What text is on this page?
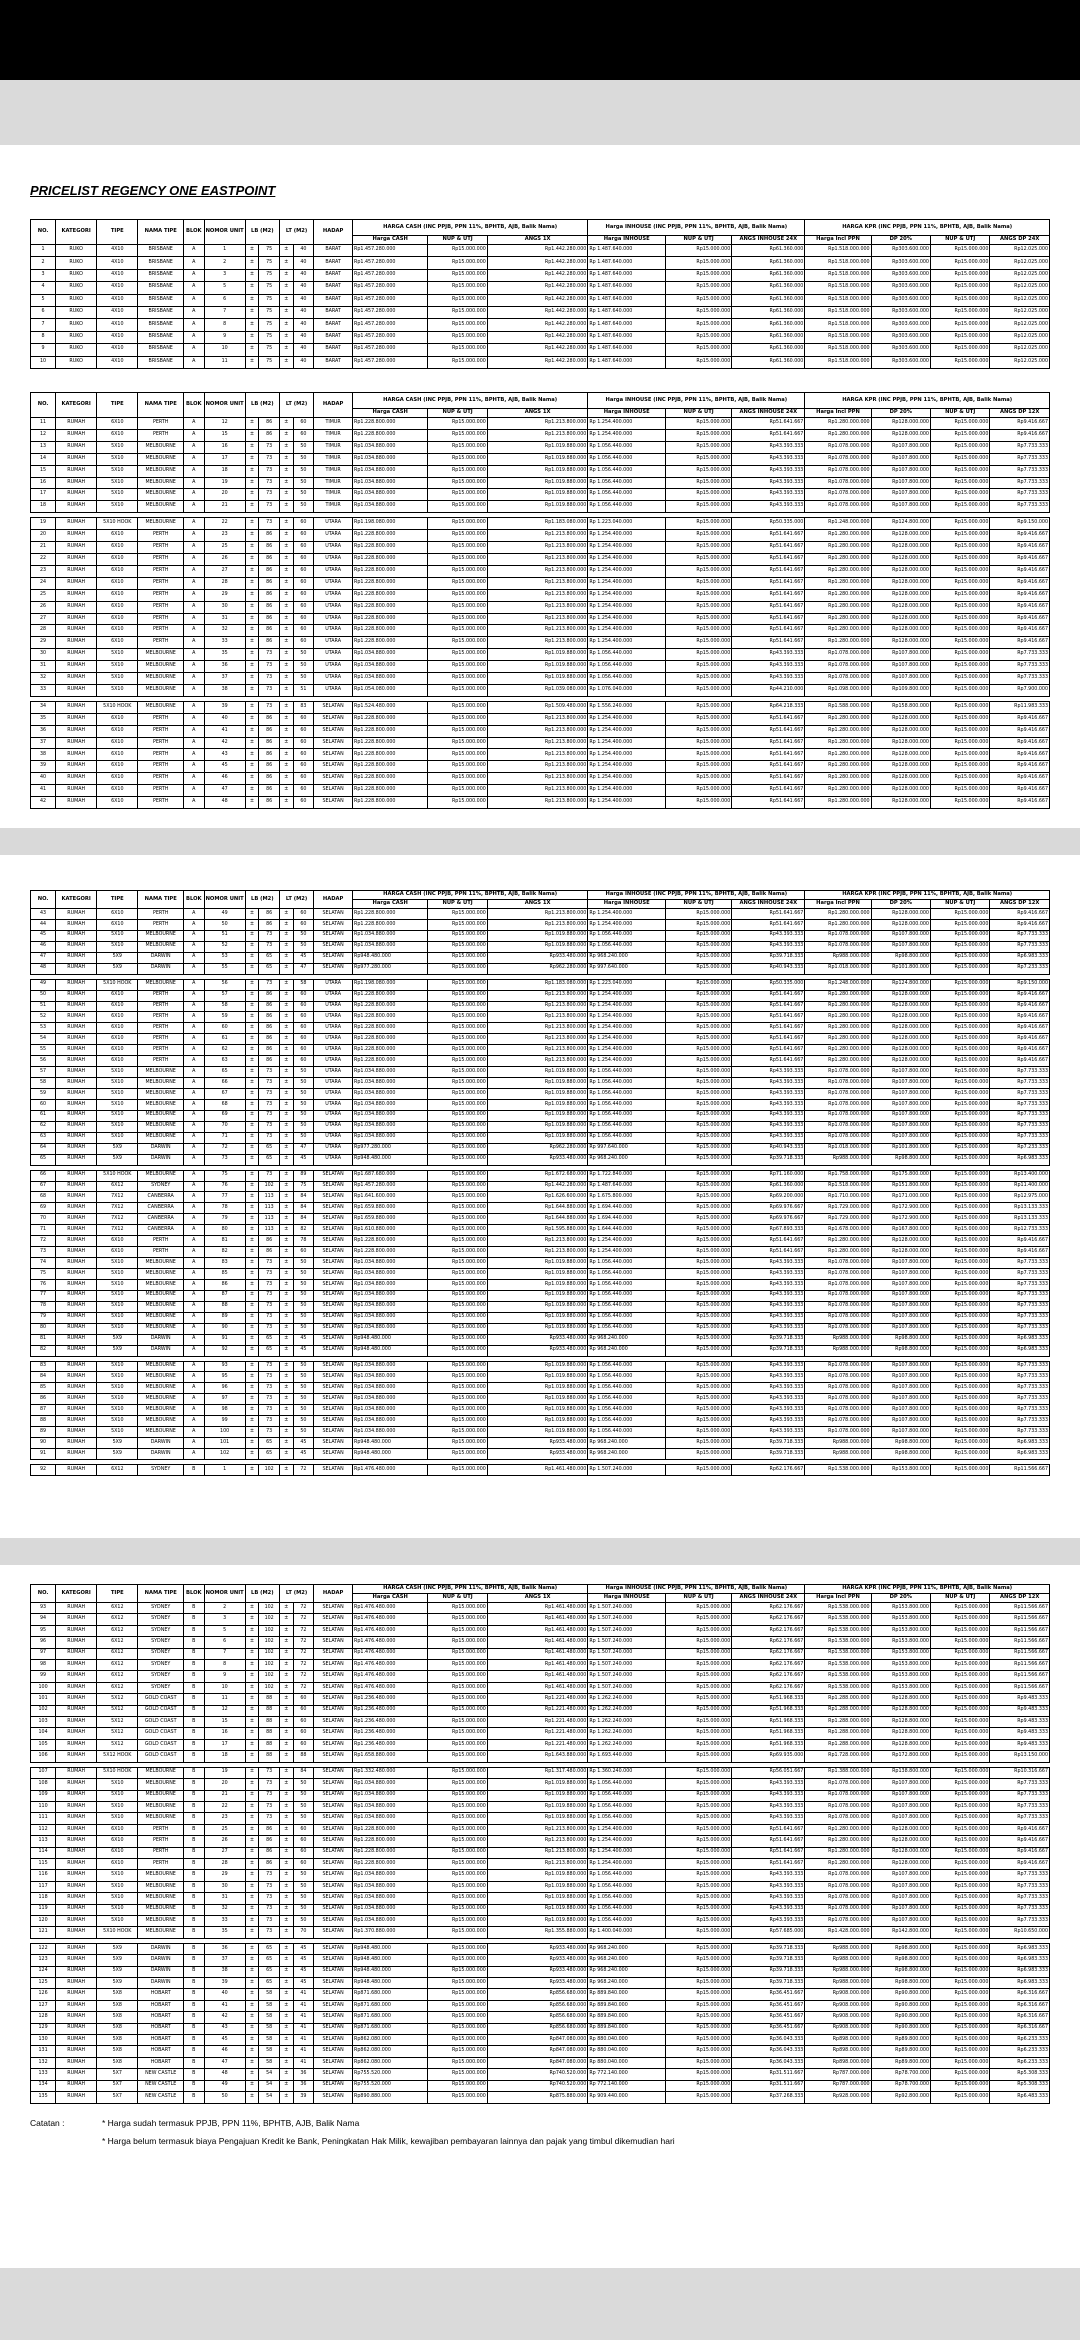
PRICELIST REGENCY ONE EASTPOINT
NO.	KATEGORI	TIPE	NAMA TIPE	BLOK	NOMOR UNIT	LB (M2)		LT (M2)		HADAP	HARGA CASH (INC PPJB, PPN 11%, BPHTB, AJB, Balik Nama)			Harga INHOUSE (INC PPJB, PPN 11%, BPHTB, AJB, Balik Nama)			HARGA KPR (INC PPJB, PPN 11%, BPHTB, AJB, Balik Nama)			
											Harga CASH	NUP & UTJ	ANGS 1X	Harga INHOUSE	NUP & UTJ	ANGS INHOUSE 24X	Harga Incl PPN	DP 20%	NUP & UTJ	ANGS DP 24X
1	RUKO	4X10	BRISBANE	A	1	±	75	±	40	BARAT	Rp1.457.280.000	Rp15.000.000	Rp1.442.280.000	Rp 1.487.640.000	Rp15.000.000	Rp61.360.000	Rp1.518.000.000	Rp303.600.000	Rp15.000.000	Rp12.025.000
2	RUKO	4X10	BRISBANE	A	2	±	75	±	40	BARAT	Rp1.457.280.000	Rp15.000.000	Rp1.442.280.000	Rp 1.487.640.000	Rp15.000.000	Rp61.360.000	Rp1.518.000.000	Rp303.600.000	Rp15.000.000	Rp12.025.000
3	RUKO	4X10	BRISBANE	A	3	±	75	±	40	BARAT	Rp1.457.280.000	Rp15.000.000	Rp1.442.280.000	Rp 1.487.640.000	Rp15.000.000	Rp61.360.000	Rp1.518.000.000	Rp303.600.000	Rp15.000.000	Rp12.025.000
4	RUKO	4X10	BRISBANE	A	5	±	75	±	40	BARAT	Rp1.457.280.000	Rp15.000.000	Rp1.442.280.000	Rp 1.487.640.000	Rp15.000.000	Rp61.360.000	Rp1.518.000.000	Rp303.600.000	Rp15.000.000	Rp12.025.000
5	RUKO	4X10	BRISBANE	A	6	±	75	±	40	BARAT	Rp1.457.280.000	Rp15.000.000	Rp1.442.280.000	Rp 1.487.640.000	Rp15.000.000	Rp61.360.000	Rp1.518.000.000	Rp303.600.000	Rp15.000.000	Rp12.025.000
6	RUKO	4X10	BRISBANE	A	7	±	75	±	40	BARAT	Rp1.457.280.000	Rp15.000.000	Rp1.442.280.000	Rp 1.487.640.000	Rp15.000.000	Rp61.360.000	Rp1.518.000.000	Rp303.600.000	Rp15.000.000	Rp12.025.000
7	RUKO	4X10	BRISBANE	A	8	±	75	±	40	BARAT	Rp1.457.280.000	Rp15.000.000	Rp1.442.280.000	Rp 1.487.640.000	Rp15.000.000	Rp61.360.000	Rp1.518.000.000	Rp303.600.000	Rp15.000.000	Rp12.025.000
8	RUKO	4X10	BRISBANE	A	9	±	75	±	40	BARAT	Rp1.457.280.000	Rp15.000.000	Rp1.442.280.000	Rp 1.487.640.000	Rp15.000.000	Rp61.360.000	Rp1.518.000.000	Rp303.600.000	Rp15.000.000	Rp12.025.000
9	RUKO	4X10	BRISBANE	A	10	±	75	±	40	BARAT	Rp1.457.280.000	Rp15.000.000	Rp1.442.280.000	Rp 1.487.640.000	Rp15.000.000	Rp61.360.000	Rp1.518.000.000	Rp303.600.000	Rp15.000.000	Rp12.025.000
10	RUKO	4X10	BRISBANE	A	11	±	75	±	40	BARAT	Rp1.457.280.000	Rp15.000.000	Rp1.442.280.000	Rp 1.487.640.000	Rp15.000.000	Rp61.360.000	Rp1.518.000.000	Rp303.600.000	Rp15.000.000	Rp12.025.000
NO.	KATEGORI	TIPE	NAMA TIPE	BLOK	NOMOR UNIT	LB (M2)		LT (M2)		HADAP	HARGA CASH (INC PPJB, PPN 11%, BPHTB, AJB, Balik Nama)			Harga INHOUSE (INC PPJB, PPN 11%, BPHTB, AJB, Balik Nama)			HARGA KPR (INC PPJB, PPN 11%, BPHTB, AJB, Balik Nama)			
											Harga CASH	NUP & UTJ	ANGS 1X	Harga INHOUSE	NUP & UTJ	ANGS INHOUSE 24X	Harga Incl PPN	DP 20%	NUP & UTJ	ANGS DP 12X
11	RUMAH	6X10	PERTH	A	12	±	86	±	60	TIMUR	Rp1.228.800.000	Rp15.000.000	Rp1.213.800.000	Rp 1.254.400.000	Rp15.000.000	Rp51.641.667	Rp1.280.000.000	Rp128.000.000	Rp15.000.000	Rp9.416.667
12	RUMAH	6X10	PERTH	A	15	±	86	±	60	TIMUR	Rp1.228.800.000	Rp15.000.000	Rp1.213.800.000	Rp 1.254.400.000	Rp15.000.000	Rp51.641.667	Rp1.280.000.000	Rp128.000.000	Rp15.000.000	Rp9.416.667
13	RUMAH	5X10	MELBOURNE	A	16	±	73	±	50	TIMUR	Rp1.034.880.000	Rp15.000.000	Rp1.019.880.000	Rp 1.056.440.000	Rp15.000.000	Rp43.393.333	Rp1.078.000.000	Rp107.800.000	Rp15.000.000	Rp7.733.333
14	RUMAH	5X10	MELBOURNE	A	17	±	73	±	50	TIMUR	Rp1.034.880.000	Rp15.000.000	Rp1.019.880.000	Rp 1.056.440.000	Rp15.000.000	Rp43.393.333	Rp1.078.000.000	Rp107.800.000	Rp15.000.000	Rp7.733.333
15	RUMAH	5X10	MELBOURNE	A	18	±	73	±	50	TIMUR	Rp1.034.880.000	Rp15.000.000	Rp1.019.880.000	Rp 1.056.440.000	Rp15.000.000	Rp43.393.333	Rp1.078.000.000	Rp107.800.000	Rp15.000.000	Rp7.733.333
16	RUMAH	5X10	MELBOURNE	A	19	±	73	±	50	TIMUR	Rp1.034.880.000	Rp15.000.000	Rp1.019.880.000	Rp 1.056.440.000	Rp15.000.000	Rp43.393.333	Rp1.078.000.000	Rp107.800.000	Rp15.000.000	Rp7.733.333
17	RUMAH	5X10	MELBOURNE	A	20	±	73	±	50	TIMUR	Rp1.034.880.000	Rp15.000.000	Rp1.019.880.000	Rp 1.056.440.000	Rp15.000.000	Rp43.393.333	Rp1.078.000.000	Rp107.800.000	Rp15.000.000	Rp7.733.333
18	RUMAH	5X10	MELBOURNE	A	21	±	73	±	50	TIMUR	Rp1.034.880.000	Rp15.000.000	Rp1.019.880.000	Rp 1.056.440.000	Rp15.000.000	Rp43.393.333	Rp1.078.000.000	Rp107.800.000	Rp15.000.000	Rp7.733.333

19	RUMAH	5X10 HOOK	MELBOURNE	A	22	±	73	±	60	UTARA	Rp1.198.080.000	Rp15.000.000	Rp1.183.080.000	Rp 1.223.040.000	Rp15.000.000	Rp50.335.000	Rp1.248.000.000	Rp124.800.000	Rp15.000.000	Rp9.150.000
20	RUMAH	6X10	PERTH	A	23	±	86	±	60	UTARA	Rp1.228.800.000	Rp15.000.000	Rp1.213.800.000	Rp 1.254.400.000	Rp15.000.000	Rp51.641.667	Rp1.280.000.000	Rp128.000.000	Rp15.000.000	Rp9.416.667
21	RUMAH	6X10	PERTH	A	25	±	86	±	60	UTARA	Rp1.228.800.000	Rp15.000.000	Rp1.213.800.000	Rp 1.254.400.000	Rp15.000.000	Rp51.641.667	Rp1.280.000.000	Rp128.000.000	Rp15.000.000	Rp9.416.667
22	RUMAH	6X10	PERTH	A	26	±	86	±	60	UTARA	Rp1.228.800.000	Rp15.000.000	Rp1.213.800.000	Rp 1.254.400.000	Rp15.000.000	Rp51.641.667	Rp1.280.000.000	Rp128.000.000	Rp15.000.000	Rp9.416.667
23	RUMAH	6X10	PERTH	A	27	±	86	±	60	UTARA	Rp1.228.800.000	Rp15.000.000	Rp1.213.800.000	Rp 1.254.400.000	Rp15.000.000	Rp51.641.667	Rp1.280.000.000	Rp128.000.000	Rp15.000.000	Rp9.416.667
24	RUMAH	6X10	PERTH	A	28	±	86	±	60	UTARA	Rp1.228.800.000	Rp15.000.000	Rp1.213.800.000	Rp 1.254.400.000	Rp15.000.000	Rp51.641.667	Rp1.280.000.000	Rp128.000.000	Rp15.000.000	Rp9.416.667
25	RUMAH	6X10	PERTH	A	29	±	86	±	60	UTARA	Rp1.228.800.000	Rp15.000.000	Rp1.213.800.000	Rp 1.254.400.000	Rp15.000.000	Rp51.641.667	Rp1.280.000.000	Rp128.000.000	Rp15.000.000	Rp9.416.667
26	RUMAH	6X10	PERTH	A	30	±	86	±	60	UTARA	Rp1.228.800.000	Rp15.000.000	Rp1.213.800.000	Rp 1.254.400.000	Rp15.000.000	Rp51.641.667	Rp1.280.000.000	Rp128.000.000	Rp15.000.000	Rp9.416.667
27	RUMAH	6X10	PERTH	A	31	±	86	±	60	UTARA	Rp1.228.800.000	Rp15.000.000	Rp1.213.800.000	Rp 1.254.400.000	Rp15.000.000	Rp51.641.667	Rp1.280.000.000	Rp128.000.000	Rp15.000.000	Rp9.416.667
28	RUMAH	6X10	PERTH	A	32	±	86	±	60	UTARA	Rp1.228.800.000	Rp15.000.000	Rp1.213.800.000	Rp 1.254.400.000	Rp15.000.000	Rp51.641.667	Rp1.280.000.000	Rp128.000.000	Rp15.000.000	Rp9.416.667
29	RUMAH	6X10	PERTH	A	33	±	86	±	60	UTARA	Rp1.228.800.000	Rp15.000.000	Rp1.213.800.000	Rp 1.254.400.000	Rp15.000.000	Rp51.641.667	Rp1.280.000.000	Rp128.000.000	Rp15.000.000	Rp9.416.667
30	RUMAH	5X10	MELBOURNE	A	35	±	73	±	50	UTARA	Rp1.034.880.000	Rp15.000.000	Rp1.019.880.000	Rp 1.056.440.000	Rp15.000.000	Rp43.393.333	Rp1.078.000.000	Rp107.800.000	Rp15.000.000	Rp7.733.333
31	RUMAH	5X10	MELBOURNE	A	36	±	73	±	50	UTARA	Rp1.034.880.000	Rp15.000.000	Rp1.019.880.000	Rp 1.056.440.000	Rp15.000.000	Rp43.393.333	Rp1.078.000.000	Rp107.800.000	Rp15.000.000	Rp7.733.333
32	RUMAH	5X10	MELBOURNE	A	37	±	73	±	50	UTARA	Rp1.034.880.000	Rp15.000.000	Rp1.019.880.000	Rp 1.056.440.000	Rp15.000.000	Rp43.393.333	Rp1.078.000.000	Rp107.800.000	Rp15.000.000	Rp7.733.333
33	RUMAH	5X10	MELBOURNE	A	38	±	73	±	51	UTARA	Rp1.054.080.000	Rp15.000.000	Rp1.039.080.000	Rp 1.076.040.000	Rp15.000.000	Rp44.210.000	Rp1.098.000.000	Rp109.800.000	Rp15.000.000	Rp7.900.000

34	RUMAH	5X10 HOOK	MELBOURNE	A	39	±	73	±	83	SELATAN	Rp1.524.480.000	Rp15.000.000	Rp1.509.480.000	Rp 1.556.240.000	Rp15.000.000	Rp64.218.333	Rp1.588.000.000	Rp158.800.000	Rp15.000.000	Rp11.983.333
35	RUMAH	6X10	PERTH	A	40	±	86	±	60	SELATAN	Rp1.228.800.000	Rp15.000.000	Rp1.213.800.000	Rp 1.254.400.000	Rp15.000.000	Rp51.641.667	Rp1.280.000.000	Rp128.000.000	Rp15.000.000	Rp9.416.667
36	RUMAH	6X10	PERTH	A	41	±	86	±	60	SELATAN	Rp1.228.800.000	Rp15.000.000	Rp1.213.800.000	Rp 1.254.400.000	Rp15.000.000	Rp51.641.667	Rp1.280.000.000	Rp128.000.000	Rp15.000.000	Rp9.416.667
37	RUMAH	6X10	PERTH	A	42	±	86	±	60	SELATAN	Rp1.228.800.000	Rp15.000.000	Rp1.213.800.000	Rp 1.254.400.000	Rp15.000.000	Rp51.641.667	Rp1.280.000.000	Rp128.000.000	Rp15.000.000	Rp9.416.667
38	RUMAH	6X10	PERTH	A	43	±	86	±	60	SELATAN	Rp1.228.800.000	Rp15.000.000	Rp1.213.800.000	Rp 1.254.400.000	Rp15.000.000	Rp51.641.667	Rp1.280.000.000	Rp128.000.000	Rp15.000.000	Rp9.416.667
39	RUMAH	6X10	PERTH	A	45	±	86	±	60	SELATAN	Rp1.228.800.000	Rp15.000.000	Rp1.213.800.000	Rp 1.254.400.000	Rp15.000.000	Rp51.641.667	Rp1.280.000.000	Rp128.000.000	Rp15.000.000	Rp9.416.667
40	RUMAH	6X10	PERTH	A	46	±	86	±	60	SELATAN	Rp1.228.800.000	Rp15.000.000	Rp1.213.800.000	Rp 1.254.400.000	Rp15.000.000	Rp51.641.667	Rp1.280.000.000	Rp128.000.000	Rp15.000.000	Rp9.416.667
41	RUMAH	6X10	PERTH	A	47	±	86	±	60	SELATAN	Rp1.228.800.000	Rp15.000.000	Rp1.213.800.000	Rp 1.254.400.000	Rp15.000.000	Rp51.641.667	Rp1.280.000.000	Rp128.000.000	Rp15.000.000	Rp9.416.667
42	RUMAH	6X10	PERTH	A	48	±	86	±	60	SELATAN	Rp1.228.800.000	Rp15.000.000	Rp1.213.800.000	Rp 1.254.400.000	Rp15.000.000	Rp51.641.667	Rp1.280.000.000	Rp128.000.000	Rp15.000.000	Rp9.416.667
NO.	KATEGORI	TIPE	NAMA TIPE	BLOK	NOMOR UNIT	LB (M2)		LT (M2)		HADAP	HARGA CASH (INC PPJB, PPN 11%, BPHTB, AJB, Balik Nama)			Harga INHOUSE (INC PPJB, PPN 11%, BPHTB, AJB, Balik Nama)			HARGA KPR (INC PPJB, PPN 11%, BPHTB, AJB, Balik Nama)			
											Harga CASH	NUP & UTJ	ANGS 1X	Harga INHOUSE	NUP & UTJ	ANGS INHOUSE 24X	Harga Incl PPN	DP 20%	NUP & UTJ	ANGS DP 12X
43	RUMAH	6X10	PERTH	A	49	±	86	±	60	SELATAN	Rp1.228.800.000	Rp15.000.000	Rp1.213.800.000	Rp 1.254.400.000	Rp15.000.000	Rp51.641.667	Rp1.280.000.000	Rp128.000.000	Rp15.000.000	Rp9.416.667
44	RUMAH	6X10	PERTH	A	50	±	86	±	60	SELATAN	Rp1.228.800.000	Rp15.000.000	Rp1.213.800.000	Rp 1.254.400.000	Rp15.000.000	Rp51.641.667	Rp1.280.000.000	Rp128.000.000	Rp15.000.000	Rp9.416.667
45	RUMAH	5X10	MELBOURNE	A	51	±	73	±	50	SELATAN	Rp1.034.880.000	Rp15.000.000	Rp1.019.880.000	Rp 1.056.440.000	Rp15.000.000	Rp43.393.333	Rp1.078.000.000	Rp107.800.000	Rp15.000.000	Rp7.733.333
46	RUMAH	5X10	MELBOURNE	A	52	±	73	±	50	SELATAN	Rp1.034.880.000	Rp15.000.000	Rp1.019.880.000	Rp 1.056.440.000	Rp15.000.000	Rp43.393.333	Rp1.078.000.000	Rp107.800.000	Rp15.000.000	Rp7.733.333
47	RUMAH	5X9	DARWIN	A	53	±	65	±	45	SELATAN	Rp948.480.000	Rp15.000.000	Rp933.480.000	Rp 968.240.000	Rp15.000.000	Rp39.718.333	Rp988.000.000	Rp98.800.000	Rp15.000.000	Rp6.983.333
48	RUMAH	5X9	DARWIN	A	55	±	65	±	47	SELATAN	Rp977.280.000	Rp15.000.000	Rp962.280.000	Rp 997.640.000	Rp15.000.000	Rp40.943.333	Rp1.018.000.000	Rp101.800.000	Rp15.000.000	Rp7.233.333

49	RUMAH	5X10 HOOK	MELBOURNE	A	56	±	73	±	58	UTARA	Rp1.198.080.000	Rp15.000.000	Rp1.183.080.000	Rp 1.223.040.000	Rp15.000.000	Rp50.335.000	Rp1.248.000.000	Rp124.800.000	Rp15.000.000	Rp9.150.000
50	RUMAH	6X10	PERTH	A	57	±	86	±	60	UTARA	Rp1.228.800.000	Rp15.000.000	Rp1.213.800.000	Rp 1.254.400.000	Rp15.000.000	Rp51.641.667	Rp1.280.000.000	Rp128.000.000	Rp15.000.000	Rp9.416.667
51	RUMAH	6X10	PERTH	A	58	±	86	±	60	UTARA	Rp1.228.800.000	Rp15.000.000	Rp1.213.800.000	Rp 1.254.400.000	Rp15.000.000	Rp51.641.667	Rp1.280.000.000	Rp128.000.000	Rp15.000.000	Rp9.416.667
52	RUMAH	6X10	PERTH	A	59	±	86	±	60	UTARA	Rp1.228.800.000	Rp15.000.000	Rp1.213.800.000	Rp 1.254.400.000	Rp15.000.000	Rp51.641.667	Rp1.280.000.000	Rp128.000.000	Rp15.000.000	Rp9.416.667
53	RUMAH	6X10	PERTH	A	60	±	86	±	60	UTARA	Rp1.228.800.000	Rp15.000.000	Rp1.213.800.000	Rp 1.254.400.000	Rp15.000.000	Rp51.641.667	Rp1.280.000.000	Rp128.000.000	Rp15.000.000	Rp9.416.667
54	RUMAH	6X10	PERTH	A	61	±	86	±	60	UTARA	Rp1.228.800.000	Rp15.000.000	Rp1.213.800.000	Rp 1.254.400.000	Rp15.000.000	Rp51.641.667	Rp1.280.000.000	Rp128.000.000	Rp15.000.000	Rp9.416.667
55	RUMAH	6X10	PERTH	A	62	±	86	±	60	UTARA	Rp1.228.800.000	Rp15.000.000	Rp1.213.800.000	Rp 1.254.400.000	Rp15.000.000	Rp51.641.667	Rp1.280.000.000	Rp128.000.000	Rp15.000.000	Rp9.416.667
56	RUMAH	6X10	PERTH	A	63	±	86	±	60	UTARA	Rp1.228.800.000	Rp15.000.000	Rp1.213.800.000	Rp 1.254.400.000	Rp15.000.000	Rp51.641.667	Rp1.280.000.000	Rp128.000.000	Rp15.000.000	Rp9.416.667
57	RUMAH	5X10	MELBOURNE	A	65	±	73	±	50	UTARA	Rp1.034.880.000	Rp15.000.000	Rp1.019.880.000	Rp 1.056.440.000	Rp15.000.000	Rp43.393.333	Rp1.078.000.000	Rp107.800.000	Rp15.000.000	Rp7.733.333
58	RUMAH	5X10	MELBOURNE	A	66	±	73	±	50	UTARA	Rp1.034.880.000	Rp15.000.000	Rp1.019.880.000	Rp 1.056.440.000	Rp15.000.000	Rp43.393.333	Rp1.078.000.000	Rp107.800.000	Rp15.000.000	Rp7.733.333
59	RUMAH	5X10	MELBOURNE	A	67	±	73	±	50	UTARA	Rp1.034.880.000	Rp15.000.000	Rp1.019.880.000	Rp 1.056.440.000	Rp15.000.000	Rp43.393.333	Rp1.078.000.000	Rp107.800.000	Rp15.000.000	Rp7.733.333
60	RUMAH	5X10	MELBOURNE	A	68	±	73	±	50	UTARA	Rp1.034.880.000	Rp15.000.000	Rp1.019.880.000	Rp 1.056.440.000	Rp15.000.000	Rp43.393.333	Rp1.078.000.000	Rp107.800.000	Rp15.000.000	Rp7.733.333
61	RUMAH	5X10	MELBOURNE	A	69	±	73	±	50	UTARA	Rp1.034.880.000	Rp15.000.000	Rp1.019.880.000	Rp 1.056.440.000	Rp15.000.000	Rp43.393.333	Rp1.078.000.000	Rp107.800.000	Rp15.000.000	Rp7.733.333
62	RUMAH	5X10	MELBOURNE	A	70	±	73	±	50	UTARA	Rp1.034.880.000	Rp15.000.000	Rp1.019.880.000	Rp 1.056.440.000	Rp15.000.000	Rp43.393.333	Rp1.078.000.000	Rp107.800.000	Rp15.000.000	Rp7.733.333
63	RUMAH	5X10	MELBOURNE	A	71	±	73	±	50	UTARA	Rp1.034.880.000	Rp15.000.000	Rp1.019.880.000	Rp 1.056.440.000	Rp15.000.000	Rp43.393.333	Rp1.078.000.000	Rp107.800.000	Rp15.000.000	Rp7.733.333
64	RUMAH	5X9	DARWIN	A	72	±	65	±	47	UTARA	Rp977.280.000	Rp15.000.000	Rp962.280.000	Rp 997.640.000	Rp15.000.000	Rp40.943.333	Rp1.018.000.000	Rp101.800.000	Rp15.000.000	Rp7.233.333
65	RUMAH	5X9	DARWIN	A	73	±	65	±	45	UTARA	Rp948.480.000	Rp15.000.000	Rp933.480.000	Rp 968.240.000	Rp15.000.000	Rp39.718.333	Rp988.000.000	Rp98.800.000	Rp15.000.000	Rp6.983.333

66	RUMAH	5X10 HOOK	MELBOURNE	A	75	±	73	±	89	SELATAN	Rp1.687.680.000	Rp15.000.000	Rp1.672.680.000	Rp 1.722.840.000	Rp15.000.000	Rp71.160.000	Rp1.758.000.000	Rp175.800.000	Rp15.000.000	Rp13.400.000
67	RUMAH	6X12	SYDNEY	A	76	±	102	±	75	SELATAN	Rp1.457.280.000	Rp15.000.000	Rp1.442.280.000	Rp 1.487.640.000	Rp15.000.000	Rp61.360.000	Rp1.518.000.000	Rp151.800.000	Rp15.000.000	Rp11.400.000
68	RUMAH	7X12	CANBERRA	A	77	±	113	±	84	SELATAN	Rp1.641.600.000	Rp15.000.000	Rp1.626.600.000	Rp 1.675.800.000	Rp15.000.000	Rp69.200.000	Rp1.710.000.000	Rp171.000.000	Rp15.000.000	Rp12.975.000
69	RUMAH	7X12	CANBERRA	A	78	±	113	±	84	SELATAN	Rp1.659.880.000	Rp15.000.000	Rp1.644.880.000	Rp 1.694.440.000	Rp15.000.000	Rp69.976.667	Rp1.729.000.000	Rp172.900.000	Rp15.000.000	Rp13.133.333
70	RUMAH	7X12	CANBERRA	A	79	±	113	±	84	SELATAN	Rp1.659.880.000	Rp15.000.000	Rp1.644.880.000	Rp 1.694.440.000	Rp15.000.000	Rp69.976.667	Rp1.729.000.000	Rp172.900.000	Rp15.000.000	Rp13.133.333
71	RUMAH	7X12	CANBERRA	A	80	±	113	±	82	SELATAN	Rp1.610.880.000	Rp15.000.000	Rp1.595.880.000	Rp 1.644.440.000	Rp15.000.000	Rp67.893.333	Rp1.678.000.000	Rp167.800.000	Rp15.000.000	Rp12.733.333
72	RUMAH	6X10	PERTH	A	81	±	86	±	78	SELATAN	Rp1.228.800.000	Rp15.000.000	Rp1.213.800.000	Rp 1.254.400.000	Rp15.000.000	Rp51.641.667	Rp1.280.000.000	Rp128.000.000	Rp15.000.000	Rp9.416.667
73	RUMAH	6X10	PERTH	A	82	±	86	±	60	SELATAN	Rp1.228.800.000	Rp15.000.000	Rp1.213.800.000	Rp 1.254.400.000	Rp15.000.000	Rp51.641.667	Rp1.280.000.000	Rp128.000.000	Rp15.000.000	Rp9.416.667
74	RUMAH	5X10	MELBOURNE	A	83	±	73	±	50	SELATAN	Rp1.034.880.000	Rp15.000.000	Rp1.019.880.000	Rp 1.056.440.000	Rp15.000.000	Rp43.393.333	Rp1.078.000.000	Rp107.800.000	Rp15.000.000	Rp7.733.333
75	RUMAH	5X10	MELBOURNE	A	85	±	73	±	50	SELATAN	Rp1.034.880.000	Rp15.000.000	Rp1.019.880.000	Rp 1.056.440.000	Rp15.000.000	Rp43.393.333	Rp1.078.000.000	Rp107.800.000	Rp15.000.000	Rp7.733.333
76	RUMAH	5X10	MELBOURNE	A	86	±	73	±	50	SELATAN	Rp1.034.880.000	Rp15.000.000	Rp1.019.880.000	Rp 1.056.440.000	Rp15.000.000	Rp43.393.333	Rp1.078.000.000	Rp107.800.000	Rp15.000.000	Rp7.733.333
77	RUMAH	5X10	MELBOURNE	A	87	±	73	±	50	SELATAN	Rp1.034.880.000	Rp15.000.000	Rp1.019.880.000	Rp 1.056.440.000	Rp15.000.000	Rp43.393.333	Rp1.078.000.000	Rp107.800.000	Rp15.000.000	Rp7.733.333
78	RUMAH	5X10	MELBOURNE	A	88	±	73	±	50	SELATAN	Rp1.034.880.000	Rp15.000.000	Rp1.019.880.000	Rp 1.056.440.000	Rp15.000.000	Rp43.393.333	Rp1.078.000.000	Rp107.800.000	Rp15.000.000	Rp7.733.333
79	RUMAH	5X10	MELBOURNE	A	89	±	73	±	50	SELATAN	Rp1.034.880.000	Rp15.000.000	Rp1.019.880.000	Rp 1.056.440.000	Rp15.000.000	Rp43.393.333	Rp1.078.000.000	Rp107.800.000	Rp15.000.000	Rp7.733.333
80	RUMAH	5X10	MELBOURNE	A	90	±	73	±	50	SELATAN	Rp1.034.880.000	Rp15.000.000	Rp1.019.880.000	Rp 1.056.440.000	Rp15.000.000	Rp43.393.333	Rp1.078.000.000	Rp107.800.000	Rp15.000.000	Rp7.733.333
81	RUMAH	5X9	DARWIN	A	91	±	65	±	45	SELATAN	Rp948.480.000	Rp15.000.000	Rp933.480.000	Rp 968.240.000	Rp15.000.000	Rp39.718.333	Rp988.000.000	Rp98.800.000	Rp15.000.000	Rp6.983.333
82	RUMAH	5X9	DARWIN	A	92	±	65	±	45	SELATAN	Rp948.480.000	Rp15.000.000	Rp933.480.000	Rp 968.240.000	Rp15.000.000	Rp39.718.333	Rp988.000.000	Rp98.800.000	Rp15.000.000	Rp6.983.333

83	RUMAH	5X10	MELBOURNE	A	93	±	73	±	50	SELATAN	Rp1.034.880.000	Rp15.000.000	Rp1.019.880.000	Rp 1.056.440.000	Rp15.000.000	Rp43.393.333	Rp1.078.000.000	Rp107.800.000	Rp15.000.000	Rp7.733.333
84	RUMAH	5X10	MELBOURNE	A	95	±	73	±	50	SELATAN	Rp1.034.880.000	Rp15.000.000	Rp1.019.880.000	Rp 1.056.440.000	Rp15.000.000	Rp43.393.333	Rp1.078.000.000	Rp107.800.000	Rp15.000.000	Rp7.733.333
85	RUMAH	5X10	MELBOURNE	A	96	±	73	±	50	SELATAN	Rp1.034.880.000	Rp15.000.000	Rp1.019.880.000	Rp 1.056.440.000	Rp15.000.000	Rp43.393.333	Rp1.078.000.000	Rp107.800.000	Rp15.000.000	Rp7.733.333
86	RUMAH	5X10	MELBOURNE	A	97	±	73	±	50	SELATAN	Rp1.034.880.000	Rp15.000.000	Rp1.019.880.000	Rp 1.056.440.000	Rp15.000.000	Rp43.393.333	Rp1.078.000.000	Rp107.800.000	Rp15.000.000	Rp7.733.333
87	RUMAH	5X10	MELBOURNE	A	98	±	73	±	50	SELATAN	Rp1.034.880.000	Rp15.000.000	Rp1.019.880.000	Rp 1.056.440.000	Rp15.000.000	Rp43.393.333	Rp1.078.000.000	Rp107.800.000	Rp15.000.000	Rp7.733.333
88	RUMAH	5X10	MELBOURNE	A	99	±	73	±	50	SELATAN	Rp1.034.880.000	Rp15.000.000	Rp1.019.880.000	Rp 1.056.440.000	Rp15.000.000	Rp43.393.333	Rp1.078.000.000	Rp107.800.000	Rp15.000.000	Rp7.733.333
89	RUMAH	5X10	MELBOURNE	A	100	±	73	±	50	SELATAN	Rp1.034.880.000	Rp15.000.000	Rp1.019.880.000	Rp 1.056.440.000	Rp15.000.000	Rp43.393.333	Rp1.078.000.000	Rp107.800.000	Rp15.000.000	Rp7.733.333
90	RUMAH	5X9	DARWIN	A	101	±	65	±	45	SELATAN	Rp948.480.000	Rp15.000.000	Rp933.480.000	Rp 968.240.000	Rp15.000.000	Rp39.718.333	Rp988.000.000	Rp98.800.000	Rp15.000.000	Rp6.983.333
91	RUMAH	5X9	DARWIN	A	102	±	65	±	45	SELATAN	Rp948.480.000	Rp15.000.000	Rp933.480.000	Rp 968.240.000	Rp15.000.000	Rp39.718.333	Rp988.000.000	Rp98.800.000	Rp15.000.000	Rp6.983.333

92	RUMAH	6X12	SYDNEY	B	1	±	102	±	72	SELATAN	Rp1.476.480.000	Rp15.000.000	Rp1.461.480.000	Rp 1.507.240.000	Rp15.000.000	Rp62.176.667	Rp1.538.000.000	Rp153.800.000	Rp15.000.000	Rp11.566.667
NO.	KATEGORI	TIPE	NAMA TIPE	BLOK	NOMOR UNIT	LB (M2)		LT (M2)		HADAP	HARGA CASH (INC PPJB, PPN 11%, BPHTB, AJB, Balik Nama)			Harga INHOUSE (INC PPJB, PPN 11%, BPHTB, AJB, Balik Nama)			HARGA KPR (INC PPJB, PPN 11%, BPHTB, AJB, Balik Nama)			
											Harga CASH	NUP & UTJ	ANGS 1X	Harga INHOUSE	NUP & UTJ	ANGS INHOUSE 24X	Harga Incl PPN	DP 20%	NUP & UTJ	ANGS DP 12X
93	RUMAH	6X12	SYDNEY	B	2	±	102	±	72	SELATAN	Rp1.476.480.000	Rp15.000.000	Rp1.461.480.000	Rp 1.507.240.000	Rp15.000.000	Rp62.176.667	Rp1.538.000.000	Rp153.800.000	Rp15.000.000	Rp11.566.667
94	RUMAH	6X12	SYDNEY	B	3	±	102	±	72	SELATAN	Rp1.476.480.000	Rp15.000.000	Rp1.461.480.000	Rp 1.507.240.000	Rp15.000.000	Rp62.176.667	Rp1.538.000.000	Rp153.800.000	Rp15.000.000	Rp11.566.667
95	RUMAH	6X12	SYDNEY	B	5	±	102	±	72	SELATAN	Rp1.476.480.000	Rp15.000.000	Rp1.461.480.000	Rp 1.507.240.000	Rp15.000.000	Rp62.176.667	Rp1.538.000.000	Rp153.800.000	Rp15.000.000	Rp11.566.667
96	RUMAH	6X12	SYDNEY	B	6	±	102	±	72	SELATAN	Rp1.476.480.000	Rp15.000.000	Rp1.461.480.000	Rp 1.507.240.000	Rp15.000.000	Rp62.176.667	Rp1.538.000.000	Rp153.800.000	Rp15.000.000	Rp11.566.667
97	RUMAH	6X12	SYDNEY	B	7	±	102	±	72	SELATAN	Rp1.476.480.000	Rp15.000.000	Rp1.461.480.000	Rp 1.507.240.000	Rp15.000.000	Rp62.176.667	Rp1.538.000.000	Rp153.800.000	Rp15.000.000	Rp11.566.667
98	RUMAH	6X12	SYDNEY	B	8	±	102	±	72	SELATAN	Rp1.476.480.000	Rp15.000.000	Rp1.461.480.000	Rp 1.507.240.000	Rp15.000.000	Rp62.176.667	Rp1.538.000.000	Rp153.800.000	Rp15.000.000	Rp11.566.667
99	RUMAH	6X12	SYDNEY	B	9	±	102	±	72	SELATAN	Rp1.476.480.000	Rp15.000.000	Rp1.461.480.000	Rp 1.507.240.000	Rp15.000.000	Rp62.176.667	Rp1.538.000.000	Rp153.800.000	Rp15.000.000	Rp11.566.667
100	RUMAH	6X12	SYDNEY	B	10	±	102	±	72	SELATAN	Rp1.476.480.000	Rp15.000.000	Rp1.461.480.000	Rp 1.507.240.000	Rp15.000.000	Rp62.176.667	Rp1.538.000.000	Rp153.800.000	Rp15.000.000	Rp11.566.667
101	RUMAH	5X12	GOLD COAST	B	11	±	88	±	60	SELATAN	Rp1.236.480.000	Rp15.000.000	Rp1.221.480.000	Rp 1.262.240.000	Rp15.000.000	Rp51.968.333	Rp1.288.000.000	Rp128.800.000	Rp15.000.000	Rp9.483.333
102	RUMAH	5X12	GOLD COAST	B	12	±	88	±	60	SELATAN	Rp1.236.480.000	Rp15.000.000	Rp1.221.480.000	Rp 1.262.240.000	Rp15.000.000	Rp51.968.333	Rp1.288.000.000	Rp128.800.000	Rp15.000.000	Rp9.483.333
103	RUMAH	5X12	GOLD COAST	B	15	±	88	±	60	SELATAN	Rp1.236.480.000	Rp15.000.000	Rp1.221.480.000	Rp 1.262.240.000	Rp15.000.000	Rp51.968.333	Rp1.288.000.000	Rp128.800.000	Rp15.000.000	Rp9.483.333
104	RUMAH	5X12	GOLD COAST	B	16	±	88	±	60	SELATAN	Rp1.236.480.000	Rp15.000.000	Rp1.221.480.000	Rp 1.262.240.000	Rp15.000.000	Rp51.968.333	Rp1.288.000.000	Rp128.800.000	Rp15.000.000	Rp9.483.333
105	RUMAH	5X12	GOLD COAST	B	17	±	88	±	60	SELATAN	Rp1.236.480.000	Rp15.000.000	Rp1.221.480.000	Rp 1.262.240.000	Rp15.000.000	Rp51.968.333	Rp1.288.000.000	Rp128.800.000	Rp15.000.000	Rp9.483.333
106	RUMAH	5X12 HOOK	GOLD COAST	B	18	±	88	±	88	SELATAN	Rp1.658.880.000	Rp15.000.000	Rp1.643.880.000	Rp 1.693.440.000	Rp15.000.000	Rp69.935.000	Rp1.728.000.000	Rp172.800.000	Rp15.000.000	Rp13.150.000

107	RUMAH	5X10 HOOK	MELBOURNE	B	19	±	73	±	84	SELATAN	Rp1.332.480.000	Rp15.000.000	Rp1.317.480.000	Rp 1.360.240.000	Rp15.000.000	Rp56.051.667	Rp1.388.000.000	Rp138.800.000	Rp15.000.000	Rp10.316.667
108	RUMAH	5X10	MELBOURNE	B	20	±	73	±	50	SELATAN	Rp1.034.880.000	Rp15.000.000	Rp1.019.880.000	Rp 1.056.440.000	Rp15.000.000	Rp43.393.333	Rp1.078.000.000	Rp107.800.000	Rp15.000.000	Rp7.733.333
109	RUMAH	5X10	MELBOURNE	B	21	±	73	±	50	SELATAN	Rp1.034.880.000	Rp15.000.000	Rp1.019.880.000	Rp 1.056.440.000	Rp15.000.000	Rp43.393.333	Rp1.078.000.000	Rp107.800.000	Rp15.000.000	Rp7.733.333
110	RUMAH	5X10	MELBOURNE	B	22	±	73	±	50	SELATAN	Rp1.034.880.000	Rp15.000.000	Rp1.019.880.000	Rp 1.056.440.000	Rp15.000.000	Rp43.393.333	Rp1.078.000.000	Rp107.800.000	Rp15.000.000	Rp7.733.333
111	RUMAH	5X10	MELBOURNE	B	23	±	73	±	50	SELATAN	Rp1.034.880.000	Rp15.000.000	Rp1.019.880.000	Rp 1.056.440.000	Rp15.000.000	Rp43.393.333	Rp1.078.000.000	Rp107.800.000	Rp15.000.000	Rp7.733.333
112	RUMAH	6X10	PERTH	B	25	±	86	±	60	SELATAN	Rp1.228.800.000	Rp15.000.000	Rp1.213.800.000	Rp 1.254.400.000	Rp15.000.000	Rp51.641.667	Rp1.280.000.000	Rp128.000.000	Rp15.000.000	Rp9.416.667
113	RUMAH	6X10	PERTH	B	26	±	86	±	60	SELATAN	Rp1.228.800.000	Rp15.000.000	Rp1.213.800.000	Rp 1.254.400.000	Rp15.000.000	Rp51.641.667	Rp1.280.000.000	Rp128.000.000	Rp15.000.000	Rp9.416.667
114	RUMAH	6X10	PERTH	B	27	±	86	±	60	SELATAN	Rp1.228.800.000	Rp15.000.000	Rp1.213.800.000	Rp 1.254.400.000	Rp15.000.000	Rp51.641.667	Rp1.280.000.000	Rp128.000.000	Rp15.000.000	Rp9.416.667
115	RUMAH	6X10	PERTH	B	28	±	86	±	60	SELATAN	Rp1.228.800.000	Rp15.000.000	Rp1.213.800.000	Rp 1.254.400.000	Rp15.000.000	Rp51.641.667	Rp1.280.000.000	Rp128.000.000	Rp15.000.000	Rp9.416.667
116	RUMAH	5X10	MELBOURNE	B	29	±	73	±	50	SELATAN	Rp1.034.880.000	Rp15.000.000	Rp1.019.880.000	Rp 1.056.440.000	Rp15.000.000	Rp43.393.333	Rp1.078.000.000	Rp107.800.000	Rp15.000.000	Rp7.733.333
117	RUMAH	5X10	MELBOURNE	B	30	±	73	±	50	SELATAN	Rp1.034.880.000	Rp15.000.000	Rp1.019.880.000	Rp 1.056.440.000	Rp15.000.000	Rp43.393.333	Rp1.078.000.000	Rp107.800.000	Rp15.000.000	Rp7.733.333
118	RUMAH	5X10	MELBOURNE	B	31	±	73	±	50	SELATAN	Rp1.034.880.000	Rp15.000.000	Rp1.019.880.000	Rp 1.056.440.000	Rp15.000.000	Rp43.393.333	Rp1.078.000.000	Rp107.800.000	Rp15.000.000	Rp7.733.333
119	RUMAH	5X10	MELBOURNE	B	32	±	73	±	50	SELATAN	Rp1.034.880.000	Rp15.000.000	Rp1.019.880.000	Rp 1.056.440.000	Rp15.000.000	Rp43.393.333	Rp1.078.000.000	Rp107.800.000	Rp15.000.000	Rp7.733.333
120	RUMAH	5X10	MELBOURNE	B	33	±	73	±	50	SELATAN	Rp1.034.880.000	Rp15.000.000	Rp1.019.880.000	Rp 1.056.440.000	Rp15.000.000	Rp43.393.333	Rp1.078.000.000	Rp107.800.000	Rp15.000.000	Rp7.733.333
121	RUMAH	5X10 HOOK	MELBOURNE	B	35	±	73	±	70	SELATAN	Rp1.370.880.000	Rp15.000.000	Rp1.355.880.000	Rp 1.400.040.000	Rp15.000.000	Rp57.685.000	Rp1.428.000.000	Rp142.800.000	Rp15.000.000	Rp10.650.000

122	RUMAH	5X9	DARWIN	B	36	±	65	±	45	SELATAN	Rp948.480.000	Rp15.000.000	Rp933.480.000	Rp 968.240.000	Rp15.000.000	Rp39.718.333	Rp988.000.000	Rp98.800.000	Rp15.000.000	Rp6.983.333
123	RUMAH	5X9	DARWIN	B	37	±	65	±	45	SELATAN	Rp948.480.000	Rp15.000.000	Rp933.480.000	Rp 968.240.000	Rp15.000.000	Rp39.718.333	Rp988.000.000	Rp98.800.000	Rp15.000.000	Rp6.983.333
124	RUMAH	5X9	DARWIN	B	38	±	65	±	45	SELATAN	Rp948.480.000	Rp15.000.000	Rp933.480.000	Rp 968.240.000	Rp15.000.000	Rp39.718.333	Rp988.000.000	Rp98.800.000	Rp15.000.000	Rp6.983.333
125	RUMAH	5X9	DARWIN	B	39	±	65	±	45	SELATAN	Rp948.480.000	Rp15.000.000	Rp933.480.000	Rp 968.240.000	Rp15.000.000	Rp39.718.333	Rp988.000.000	Rp98.800.000	Rp15.000.000	Rp6.983.333
126	RUMAH	5X8	HOBART	B	40	±	58	±	41	SELATAN	Rp871.680.000	Rp15.000.000	Rp856.680.000	Rp 889.840.000	Rp15.000.000	Rp36.451.667	Rp908.000.000	Rp90.800.000	Rp15.000.000	Rp6.316.667
127	RUMAH	5X8	HOBART	B	41	±	58	±	41	SELATAN	Rp871.680.000	Rp15.000.000	Rp856.680.000	Rp 889.840.000	Rp15.000.000	Rp36.451.667	Rp908.000.000	Rp90.800.000	Rp15.000.000	Rp6.316.667
128	RUMAH	5X8	HOBART	B	42	±	58	±	41	SELATAN	Rp871.680.000	Rp15.000.000	Rp856.680.000	Rp 889.840.000	Rp15.000.000	Rp36.451.667	Rp908.000.000	Rp90.800.000	Rp15.000.000	Rp6.316.667
129	RUMAH	5X8	HOBART	B	43	±	58	±	41	SELATAN	Rp871.680.000	Rp15.000.000	Rp856.680.000	Rp 889.840.000	Rp15.000.000	Rp36.451.667	Rp908.000.000	Rp90.800.000	Rp15.000.000	Rp6.316.667
130	RUMAH	5X8	HOBART	B	45	±	58	±	41	SELATAN	Rp862.080.000	Rp15.000.000	Rp847.080.000	Rp 880.040.000	Rp15.000.000	Rp36.043.333	Rp898.000.000	Rp89.800.000	Rp15.000.000	Rp6.233.333
131	RUMAH	5X8	HOBART	B	46	±	58	±	41	SELATAN	Rp862.080.000	Rp15.000.000	Rp847.080.000	Rp 880.040.000	Rp15.000.000	Rp36.043.333	Rp898.000.000	Rp89.800.000	Rp15.000.000	Rp6.233.333
132	RUMAH	5X8	HOBART	B	47	±	58	±	41	SELATAN	Rp862.080.000	Rp15.000.000	Rp847.080.000	Rp 880.040.000	Rp15.000.000	Rp36.043.333	Rp898.000.000	Rp89.800.000	Rp15.000.000	Rp6.233.333
133	RUMAH	5X7	NEW CASTLE	B	48	±	54	±	36	SELATAN	Rp755.520.000	Rp15.000.000	Rp740.520.000	Rp 772.140.000	Rp15.000.000	Rp31.511.667	Rp787.000.000	Rp78.700.000	Rp15.000.000	Rp5.308.333
134	RUMAH	5X7	NEW CASTLE	B	49	±	54	±	36	SELATAN	Rp755.520.000	Rp15.000.000	Rp740.520.000	Rp 772.140.000	Rp15.000.000	Rp31.511.667	Rp787.000.000	Rp78.700.000	Rp15.000.000	Rp5.308.333
135	RUMAH	5X7	NEW CASTLE	B	50	±	54	±	39	SELATAN	Rp890.880.000	Rp15.000.000	Rp875.880.000	Rp 909.440.000	Rp15.000.000	Rp37.268.333	Rp928.000.000	Rp92.800.000	Rp15.000.000	Rp6.483.333
Catatan :	* Harga sudah termasuk PPJB, PPN 11%, BPHTB, AJB, Balik Nama
* Harga belum termasuk biaya Pengajuan Kredit ke Bank, Peningkatan Hak Milik, kewajiban pembayaran lainnya dan pajak yang timbul dikemudian hari
